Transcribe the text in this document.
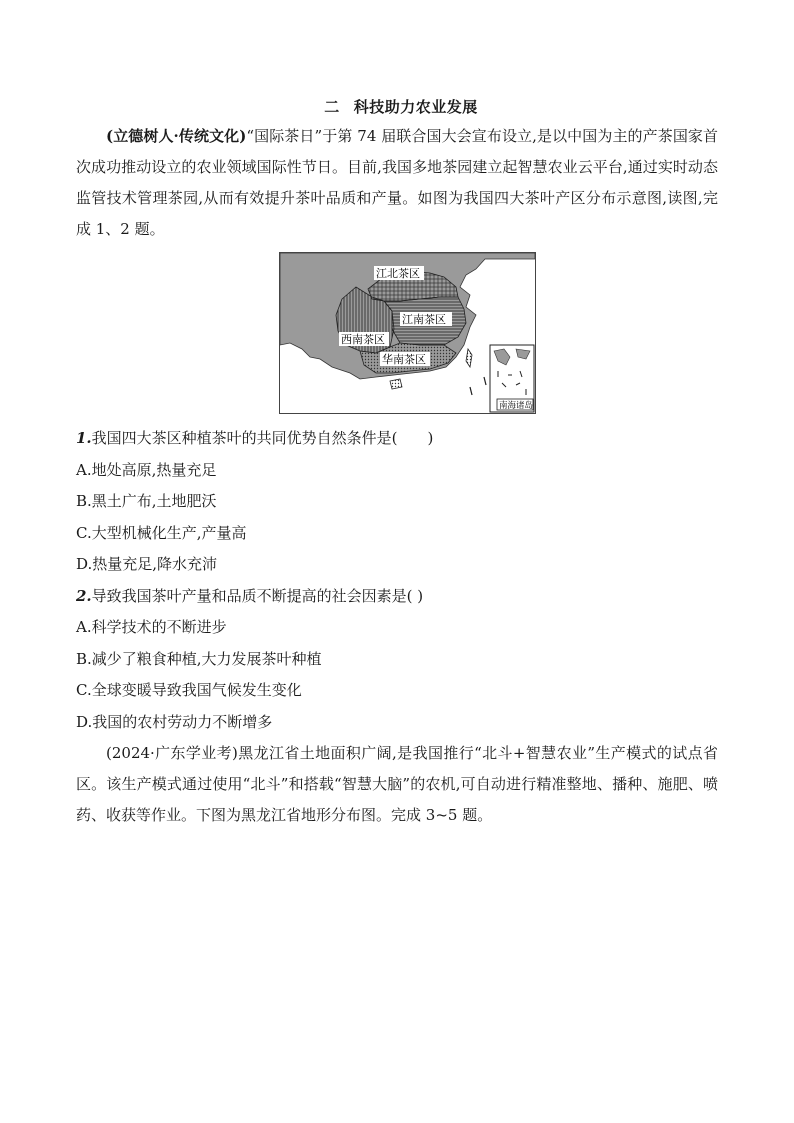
二 科技助力农业发展

(立德树人·传统文化)“国际茶日”于第 74 届联合国大会宣布设立,是以中国为主的产茶国家首次成功推动设立的农业领域国际性节日。目前,我国多地茶园建立起智慧农业云平台,通过实时动态监管技术管理茶园,从而有效提升茶叶品质和产量。如图为我国四大茶叶产区分布示意图,读图,完成 1、2 题。

江北茶区
江南茶区
西南茶区
华南茶区
南海诸岛
1.我国四大茶区种植茶叶的共同优势自然条件是(　　)
A.地处高原,热量充足
B.黑土广布,土地肥沃
C.大型机械化生产,产量高
D.热量充足,降水充沛
2.导致我国茶叶产量和品质不断提高的社会因素是( )
A.科学技术的不断进步
B.减少了粮食种植,大力发展茶叶种植
C.全球变暖导致我国气候发生变化
D.我国的农村劳动力不断增多

(2024·广东学业考)黑龙江省土地面积广阔,是我国推行“北斗+智慧农业”生产模式的试点省区。该生产模式通过使用“北斗”和搭载“智慧大脑”的农机,可自动进行精准整地、播种、施肥、喷药、收获等作业。下图为黑龙江省地形分布图。完成 3~5 题。
